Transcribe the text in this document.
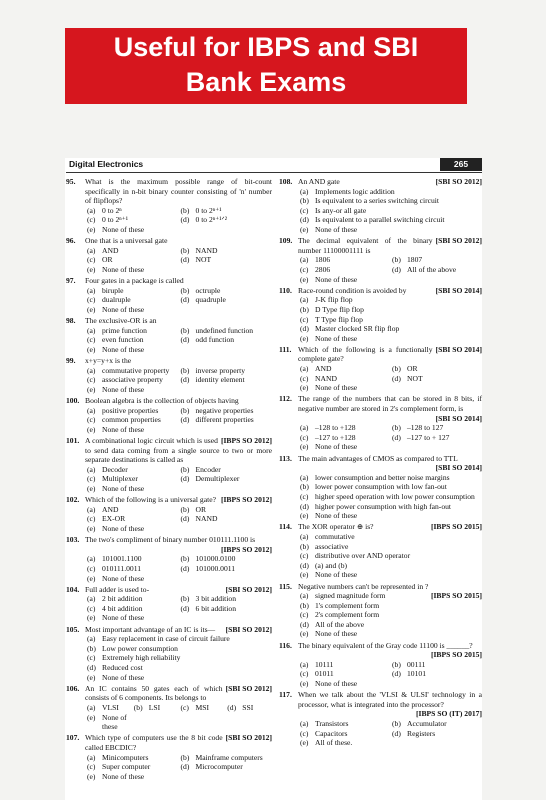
Useful for IBPS and SBI
Bank Exams
Digital Electronics	265
95. What is the maximum possible range of bit-count specifically in n-bit binary counter consisting of 'n' number of flipflops?
(a) 0 to 2ⁿ	(b) 0 to 2ⁿ⁺¹
(c) 0 to 2ⁿ⁺¹	(d) 0 to 2ⁿ⁺¹ᐟ²
(e) None of these
96. One that is a universal gate
(a) AND	(b) NAND
(c) OR	(d) NOT
(e) None of these
97. Four gates in a package is called
(a) biruple	(b) octruple
(c) dualruple	(d) quadruple
(e) None of these
98. The exclusive-OR is an
(a) prime function	(b) undefined function
(c) even function	(d) odd function
(e) None of these
99. x+y=y+x is the
(a) commutative property (b) inverse property
(c) associative property (d) identity element
(e) None of these
100. Boolean algebra is the collection of objects having
(a) positive properties	(b) negative properties
(c) common properties	(d) different properties
(e) None of these
101.	[IBPS SO 2012]
A combinational logic circuit which is used to send data coming from a single source to two or more separate destinations is called as
(a) Decoder	(b) Encoder
(c) Multiplexer	(d) Demultiplexer
(e) None of these
102.	[IBPS SO 2012]
Which of the following is a universal gate?
(a) AND	(b) OR
(c) EX-OR	(d) NAND
(e) None of these
103. The two's compliment of binary number 010111.1100 is
[IBPS SO 2012]
(a) 101001.1100	(b) 101000.0100
(c) 010111.0011	(d) 101000.0011
(e) None of these
104.	[SBI SO 2012]
Full adder is used to-
(a) 2 bit addition	(b) 3 bit addition
(c) 4 bit addition	(d) 6 bit addition
(e) None of these
105.	[SBI SO 2012]
Most important advantage of an IC is its—
(a) Easy replacement in case of circuit failure
(b) Low power consumption
(c) Extremely high reliability
(d) Reduced cost
(e) None of these
106.	[SBI SO 2012]
An IC contains 50 gates each of which consists of 6 components. Its belongs to
(a) VLSI (b) LSI	(c) MSI (d) SSI
(e) None of these
107.	[SBI SO 2012]
Which type of computers use the 8 bit code called EBCDIC?
(a) Minicomputers	(b) Mainframe computers
(c) Super computer	(d) Microcomputer
(e) None of these
108.	[SBI SO 2012]
An AND gate
(a) Implements logic addition
(b) Is equivalent to a series switching circuit
(c) Is any-or all gate
(d) Is equivalent to a parallel switching circuit
(e) None of these
109.	[SBI SO 2012]
The decimal equivalent of the binary number 11100001111 is
(a) 1806	(b) 1807
(c) 2806	(d) All of the above
(e) None of these
110.	[SBI SO 2014]
Race-round condition is avoided by
(a) J-K flip flop
(b) D Type flip flop
(c) T Type flip flop
(d) Master clocked SR flip flop
(e) None of these
111.	[SBI SO 2014]
Which of the following is a functionally complete gate?
(a) AND	(b) OR
(c) NAND	(d) NOT
(e) None of these
112. The range of the numbers that can be stored in 8 bits, if negative number are stored in 2's complement form, is
[SBI SO 2014]
(a) –128 to +128	(b) –128 to 127
(c) –127 to +128	(d) –127 to + 127
(e) None of these
113. The main advantages of CMOS as compared to TTL
[SBI SO 2014]
(a) lower consumption and better noise margins
(b) lower power consumption with low fan-out
(c) higher speed operation with low power consumption
(d) higher power consumption with high fan-out
(e) None of these
114.	[IBPS SO 2015]
The XOR operator ⊕ is?
(a) commutative
(b) associative
(c) distributive over AND operator
(d) (a) and (b)
(e) None of these
115. Negative numbers can't be represented in ?
(a) signed magnitude form	[IBPS SO 2015]
(b) 1's complement form
(c) 2's complement form
(d) All of the above
(e) None of these
116. The binary equivalent of the Gray code 11100 is ______?
[IBPS SO 2015]
(a) 10111	(b) 00111
(c) 01011	(d) 10101
(e) None of these
117. When we talk about the 'VLSI & ULSI' technology in a processor, what is integrated into the processor?
[IBPS SO (IT) 2017]
(a) Transistors	(b) Accumulator
(c) Capacitors	(d) Registers
(e) All of these.
